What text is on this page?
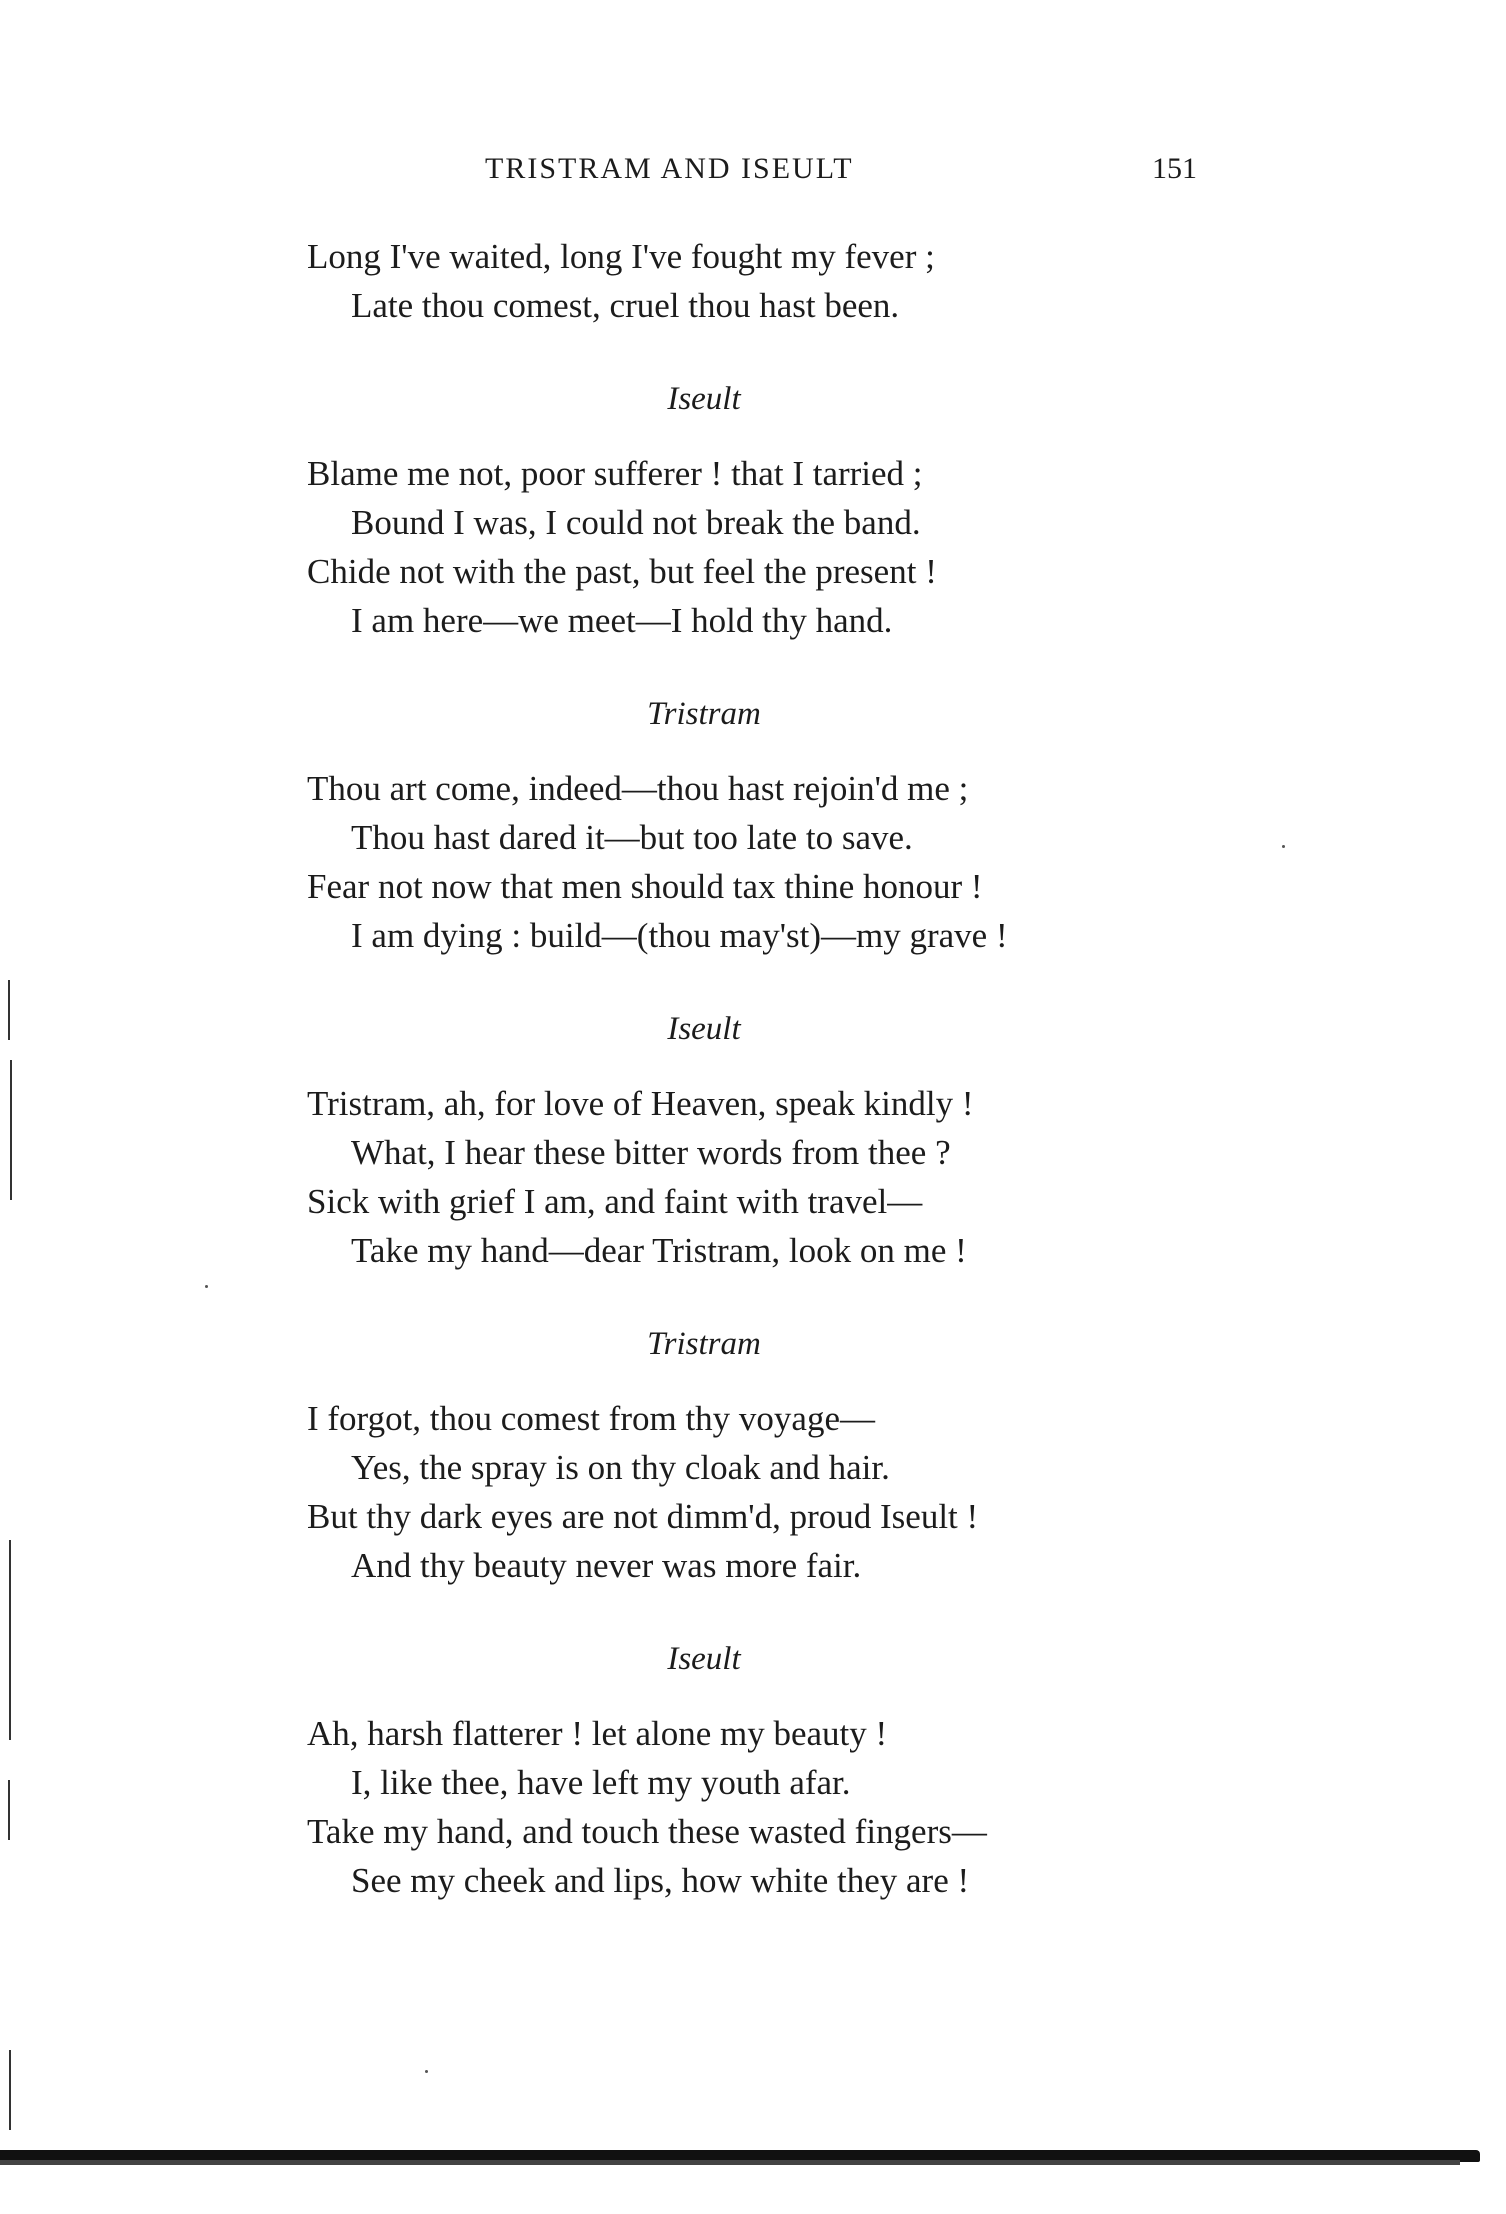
TRISTRAM AND ISEULT	151
Long I've waited, long I've fought my fever ;
Late thou comest, cruel thou hast been.
Iseult
Blame me not, poor sufferer ! that I tarried ;
Bound I was, I could not break the band.
Chide not with the past, but feel the present !
I am here—we meet—I hold thy hand.
Tristram
Thou art come, indeed—thou hast rejoin'd me ;
Thou hast dared it—but too late to save.
Fear not now that men should tax thine honour !
I am dying : build—(thou may'st)—my grave !
Iseult
Tristram, ah, for love of Heaven, speak kindly !
What, I hear these bitter words from thee ?
Sick with grief I am, and faint with travel—
Take my hand—dear Tristram, look on me !
Tristram
I forgot, thou comest from thy voyage—
Yes, the spray is on thy cloak and hair.
But thy dark eyes are not dimm'd, proud Iseult !
And thy beauty never was more fair.
Iseult
Ah, harsh flatterer ! let alone my beauty !
I, like thee, have left my youth afar.
Take my hand, and touch these wasted fingers—
See my cheek and lips, how white they are !
